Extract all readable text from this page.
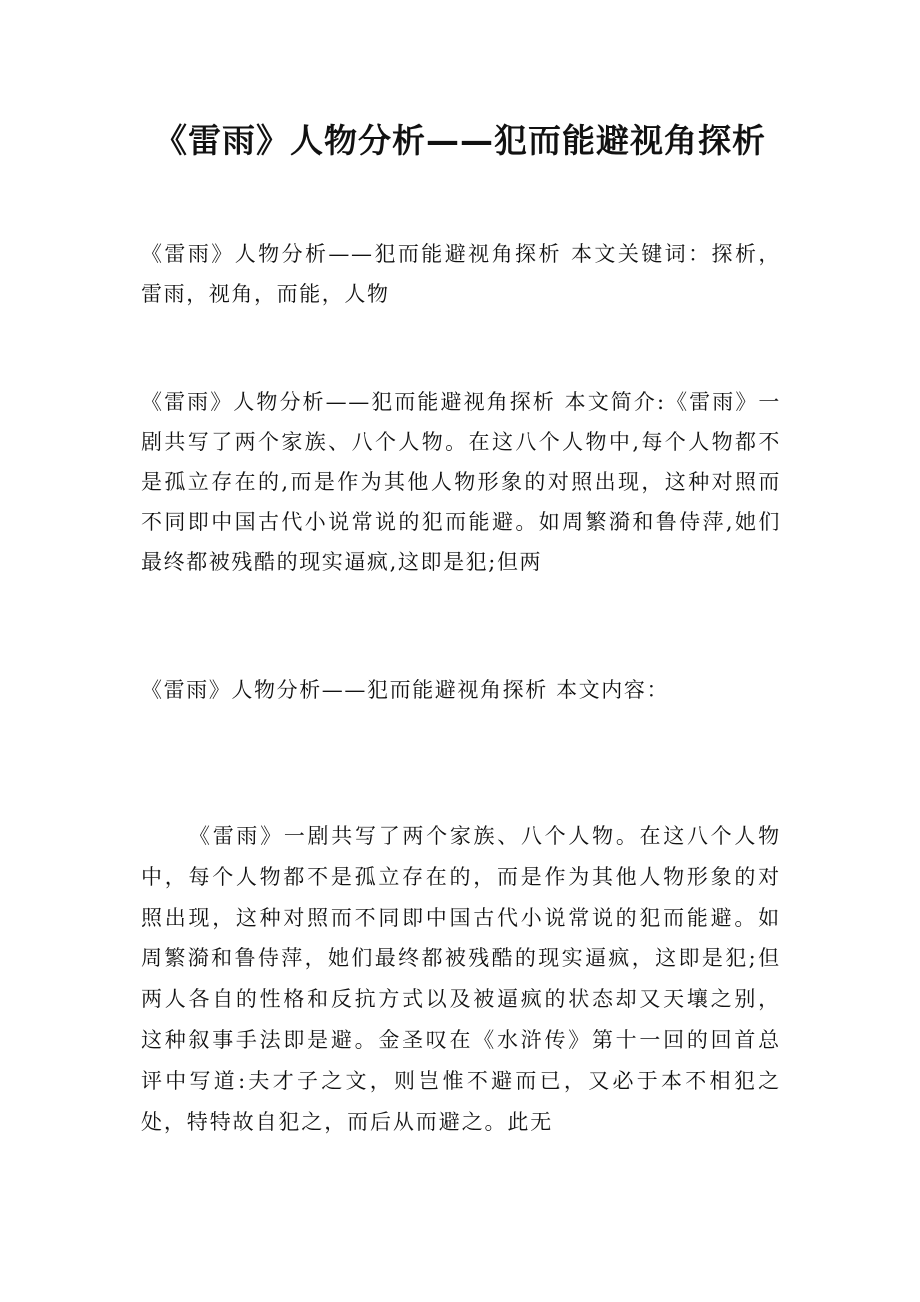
《雷雨》人物分析——犯而能避视角探析

《雷雨》人物分析——犯而能避视角探析 本文关键词：探析，雷雨，视角，而能，人物

《雷雨》人物分析——犯而能避视角探析 本文简介:《雷雨》一剧共写了两个家族、八个人物。在这八个人物中,每个人物都不是孤立存在的,而是作为其他人物形象的对照出现，这种对照而不同即中国古代小说常说的犯而能避。如周繁漪和鲁侍萍,她们最终都被残酷的现实逼疯,这即是犯;但两

《雷雨》人物分析——犯而能避视角探析 本文内容：

《雷雨》一剧共写了两个家族、八个人物。在这八个人物中，每个人物都不是孤立存在的，而是作为其他人物形象的对照出现，这种对照而不同即中国古代小说常说的犯而能避。如周繁漪和鲁侍萍，她们最终都被残酷的现实逼疯，这即是犯;但两人各自的性格和反抗方式以及被逼疯的状态却又天壤之别，这种叙事手法即是避。金圣叹在《水浒传》第十一回的回首总评中写道:夫才子之文，则岂惟不避而已，又必于本不相犯之处，特特故自犯之，而后从而避之。此无
